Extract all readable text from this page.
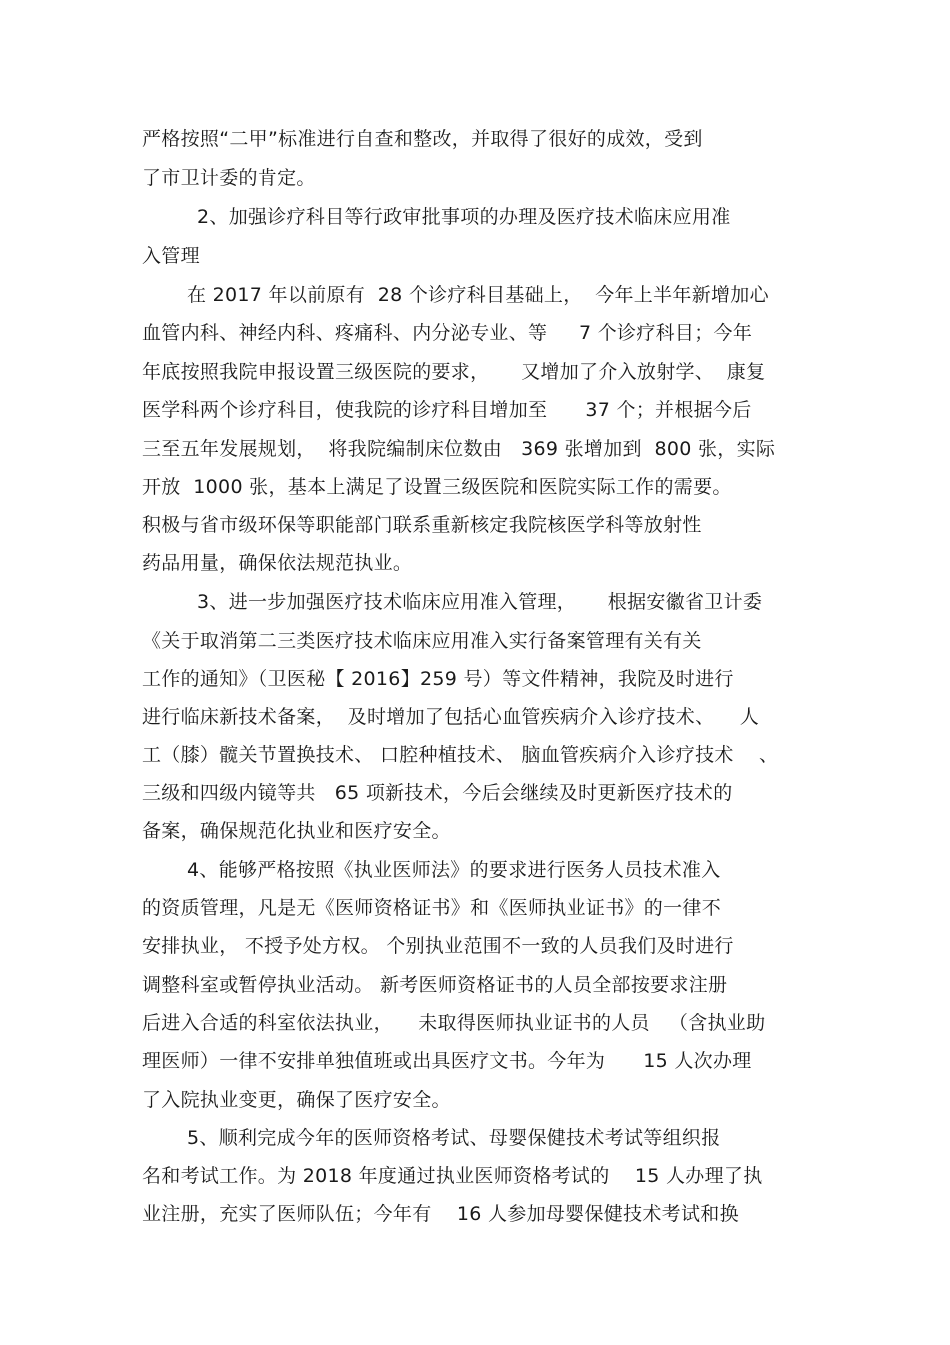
严格按照“二甲”标准进行自查和整改，并取得了很好的成效，受到
了市卫计委的肯定。
2、加强诊疗科目等行政审批事项的办理及医疗技术临床应用准
入管理
在 2017 年以前原有  28 个诊疗科目基础上，  今年上半年新增加心
血管内科、神经内科、疼痛科、内分泌专业、等     7 个诊疗科目；今年
年底按照我院申报设置三级医院的要求，     又增加了介入放射学、  康复
医学科两个诊疗科目，使我院的诊疗科目增加至      37 个；并根据今后
三至五年发展规划，  将我院编制床位数由   369 张增加到  800 张，实际
开放  1000 张，基本上满足了设置三级医院和医院实际工作的需要。
积极与省市级环保等职能部门联系重新核定我院核医学科等放射性
药品用量，确保依法规范执业。
3、进一步加强医疗技术临床应用准入管理，     根据安徽省卫计委
《关于取消第二三类医疗技术临床应用准入实行备案管理有关有关
工作的通知》（卫医秘【 2016】259 号）等文件精神，我院及时进行
进行临床新技术备案，  及时增加了包括心血管疾病介入诊疗技术、    人
工（膝）髋关节置换技术、 口腔种植技术、 脑血管疾病介入诊疗技术    、
三级和四级内镜等共   65 项新技术，今后会继续及时更新医疗技术的
备案，确保规范化执业和医疗安全。
4、能够严格按照《执业医师法》的要求进行医务人员技术准入
的资质管理，凡是无《医师资格证书》和《医师执业证书》的一律不
安排执业， 不授予处方权。 个别执业范围不一致的人员我们及时进行
调整科室或暂停执业活动。 新考医师资格证书的人员全部按要求注册
后进入合适的科室依法执业，    未取得医师执业证书的人员   （含执业助
理医师）一律不安排单独值班或出具医疗文书。今年为      15 人次办理
了入院执业变更，确保了医疗安全。
5、顺利完成今年的医师资格考试、母婴保健技术考试等组织报
名和考试工作。为 2018 年度通过执业医师资格考试的    15 人办理了执
业注册，充实了医师队伍；今年有    16 人参加母婴保健技术考试和换
